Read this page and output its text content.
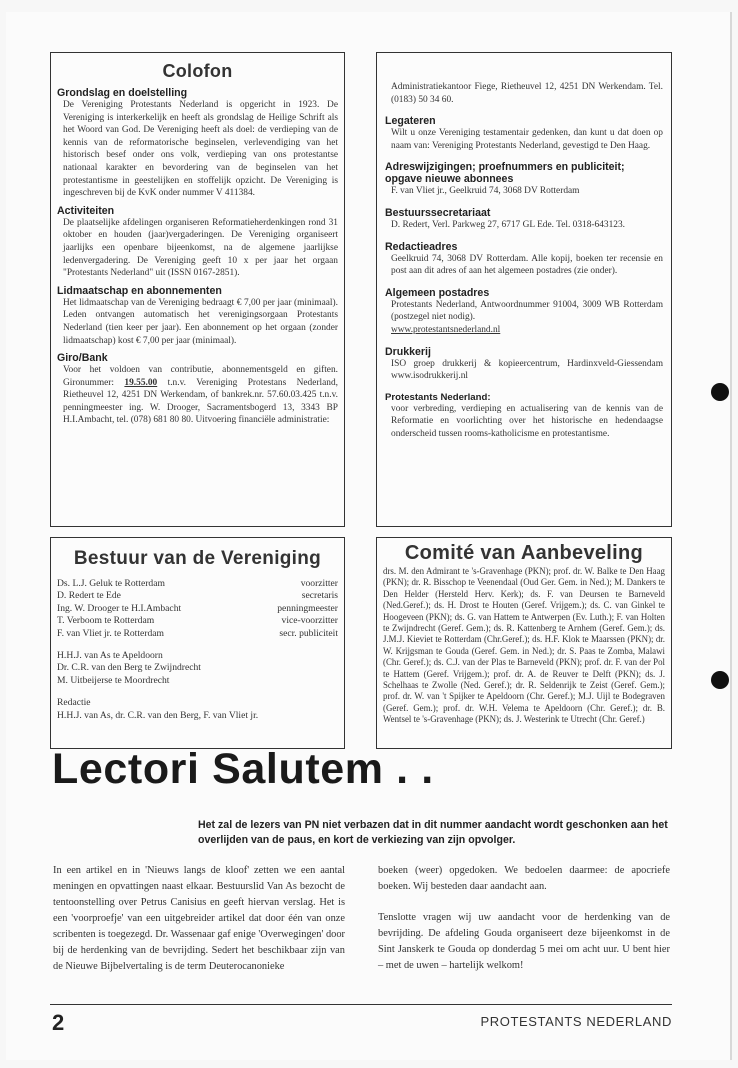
Colofon
Grondslag en doelstelling
De Vereniging Protestants Nederland is opgericht in 1923. De Vereniging is interkerkelijk en heeft als grondslag de Heilige Schrift als het Woord van God. De Vereniging heeft als doel: de verdieping van de kennis van de reformatorische beginselen, verlevendiging van het historisch besef onder ons volk, verdieping van ons protestantse nationaal karakter en bevordering van de beginselen van het protestantisme in geestelijken en stoffelijk opzicht. De Vereniging is ingeschreven bij de KvK onder nummer V 411384.
Activiteiten
De plaatselijke afdelingen organiseren Reformatieherdenkingen rond 31 oktober en houden (jaar)vergaderingen. De Vereniging organiseert jaarlijks een openbare bijeenkomst, na de algemene jaarlijkse ledenvergadering. De Vereniging geeft 10 x per jaar het orgaan "Protestants Nederland" uit (ISSN 0167-2851).
Lidmaatschap en abonnementen
Het lidmaatschap van de Vereniging bedraagt € 7,00 per jaar (minimaal). Leden ontvangen automatisch het verenigingsorgaan Protestants Nederland (tien keer per jaar). Een abonnement op het orgaan (zonder lidmaatschap) kost € 7,00 per jaar (minimaal).
Giro/Bank
Voor het voldoen van contributie, abonnementsgeld en giften. Gironummer: 19.55.00 t.n.v. Vereniging Protestans Nederland, Rietheuvel 12, 4251 DN Werkendam, of bankrek.nr. 57.60.03.425 t.n.v. penningmeester ing. W. Drooger, Sacramentsbogerd 13, 3343 BP H.I.Ambacht, tel. (078) 681 80 80. Uitvoering financiële administratie:
Administratiekantoor Fiege, Rietheuvel 12, 4251 DN Werkendam. Tel. (0183) 50 34 60.
Legateren
Wilt u onze Vereniging testamentair gedenken, dan kunt u dat doen op naam van: Vereniging Protestants Nederland, gevestigd te Den Haag.
Adreswijzigingen; proefnummers en publiciteit; opgave nieuwe abonnees
F. van Vliet jr., Geelkruid 74, 3068 DV Rotterdam
Bestuurssecretariaat
D. Redert, Verl. Parkweg 27, 6717 GL Ede. Tel. 0318-643123.
Redactieadres
Geelkruid 74, 3068 DV Rotterdam. Alle kopij, boeken ter recensie en post aan dit adres of aan het algemeen postadres (zie onder).
Algemeen postadres
Protestants Nederland, Antwoordnummer 91004, 3009 WB Rotterdam (postzegel niet nodig).
www.protestantsnederland.nl
Drukkerij
ISO groep drukkerij & kopieercentrum, Hardinxveld-Giessendam www.isodrukkerij.nl
Protestants Nederland:
voor verbreding, verdieping en actualisering van de kennis van de Reformatie en voorlichting over het historische en hedendaagse onderscheid tussen rooms-katholicisme en protestantisme.
Bestuur van de Vereniging
Ds. L.J. Geluk te Rotterdam	voorzitter
D. Redert te Ede	secretaris
Ing. W. Drooger te H.I.Ambacht	penningmeester
T. Verboom te Rotterdam	vice-voorzitter
F. van Vliet jr. te Rotterdam	secr. publiciteit
H.H.J. van As te Apeldoorn
Dr. C.R. van den Berg te Zwijndrecht
M. Uitbeijerse te Moordrecht
Redactie
H.H.J. van As, dr. C.R. van den Berg, F. van Vliet jr.
Comité van Aanbeveling
drs. M. den Admirant te 's-Gravenhage (PKN); prof. dr. W. Balke te Den Haag (PKN); dr. R. Bisschop te Veenendaal (Oud Ger. Gem. in Ned.); M. Dankers te Den Helder (Hersteld Herv. Kerk); ds. F. van Deursen te Barneveld (Ned.Geref.); ds. H. Drost te Houten (Geref. Vrijgem.); ds. C. van Ginkel te Hoogeveen (PKN); ds. G. van Hattem te Antwerpen (Ev. Luth.); F. van Holten te Zwijndrecht (Geref. Gem.); ds. R. Kattenberg te Arnhem (Geref. Gem.); ds. J.M.J. Kieviet te Rotterdam (Chr.Geref.); ds. H.F. Klok te Maarssen (PKN); dr. W. Krijgsman te Gouda (Geref. Gem. in Ned.); dr. S. Paas te Zomba, Malawi (Chr. Geref.); ds. C.J. van der Plas te Barneveld (PKN); prof. dr. F. van der Pol te Hattem (Geref. Vrijgem.); prof. dr. A. de Reuver te Delft (PKN); ds. J. Schelhaas te Zwolle (Ned. Geref.); dr. R. Seldenrijk te Zeist (Geref. Gem.); prof. dr. W. van 't Spijker te Apeldoorn (Chr. Geref.); M.J. Uijl te Bodegraven (Geref. Gem.); prof. dr. W.H. Velema te Apeldoorn (Chr. Geref.); dr. B. Wentsel te 's-Gravenhage (PKN); ds. J. Westerink te Utrecht (Chr. Geref.)
Lectori Salutem . .
Het zal de lezers van PN niet verbazen dat in dit nummer aandacht wordt geschonken aan het overlijden van de paus, en kort de verkiezing van zijn opvolger.

In een artikel en in 'Nieuws langs de kloof' zetten we een aantal meningen en opvattingen naast elkaar. Bestuurslid Van As bezocht de tentoonstelling over Petrus Canisius en geeft hiervan verslag. Het is een 'voorproefje' van een uitgebreider artikel dat door één van onze scribenten is toegezegd. Dr. Wassenaar gaf enige 'Overwegingen' door bij de herdenking van de bevrijding. Sedert het beschikbaar zijn van de Nieuwe Bijbelvertaling is de term Deuterocanonieke

boeken (weer) opgedoken. We bedoelen daarmee: de apocriefe boeken. Wij besteden daar aandacht aan.

Tenslotte vragen wij uw aandacht voor de herdenking van de bevrijding. De afdeling Gouda organiseert deze bijeenkomst in de Sint Janskerk te Gouda op donderdag 5 mei om acht uur. U bent hier – met de uwen – hartelijk welkom!

2	PROTESTANTS NEDERLAND
